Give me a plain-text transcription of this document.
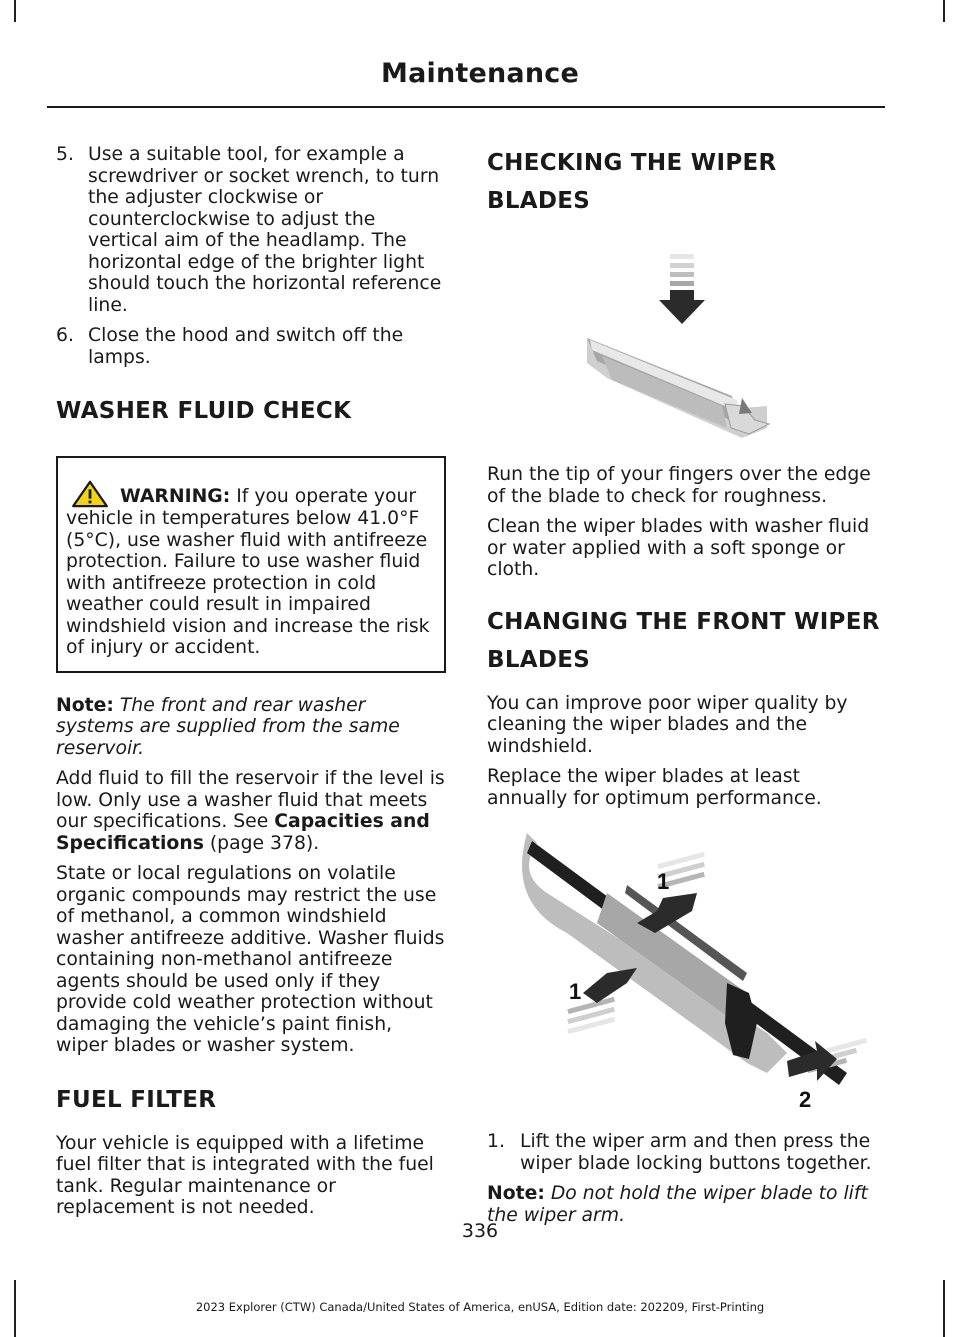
Maintenance
5. Use a suitable tool, for example a screwdriver or socket wrench, to turn the adjuster clockwise or counterclockwise to adjust the vertical aim of the headlamp. The horizontal edge of the brighter light should touch the horizontal reference line.
6. Close the hood and switch off the lamps.
WASHER FLUID CHECK
WARNING: If you operate your vehicle in temperatures below 41.0°F (5°C), use washer fluid with antifreeze protection. Failure to use washer fluid with antifreeze protection in cold weather could result in impaired windshield vision and increase the risk of injury or accident.

Note: The front and rear washer systems are supplied from the same reservoir.

Add fluid to fill the reservoir if the level is low. Only use a washer fluid that meets our specifications. See Capacities and Specifications (page 378).

State or local regulations on volatile organic compounds may restrict the use of methanol, a common windshield washer antifreeze additive. Washer fluids containing non-methanol antifreeze agents should be used only if they provide cold weather protection without damaging the vehicle’s paint finish, wiper blades or washer system.

FUEL FILTER

Your vehicle is equipped with a lifetime fuel filter that is integrated with the fuel tank. Regular maintenance or replacement is not needed.

CHECKING THE WIPER
BLADES

Run the tip of your fingers over the edge of the blade to check for roughness.

Clean the wiper blades with washer fluid or water applied with a soft sponge or cloth.

CHANGING THE FRONT WIPER
BLADES

You can improve poor wiper quality by cleaning the wiper blades and the windshield.

Replace the wiper blades at least annually for optimum performance.

1
1
2
1. Lift the wiper arm and then press the wiper blade locking buttons together.

Note: Do not hold the wiper blade to lift the wiper arm.

336
2023 Explorer (CTW) Canada/United States of America, enUSA, Edition date: 202209, First-Printing
